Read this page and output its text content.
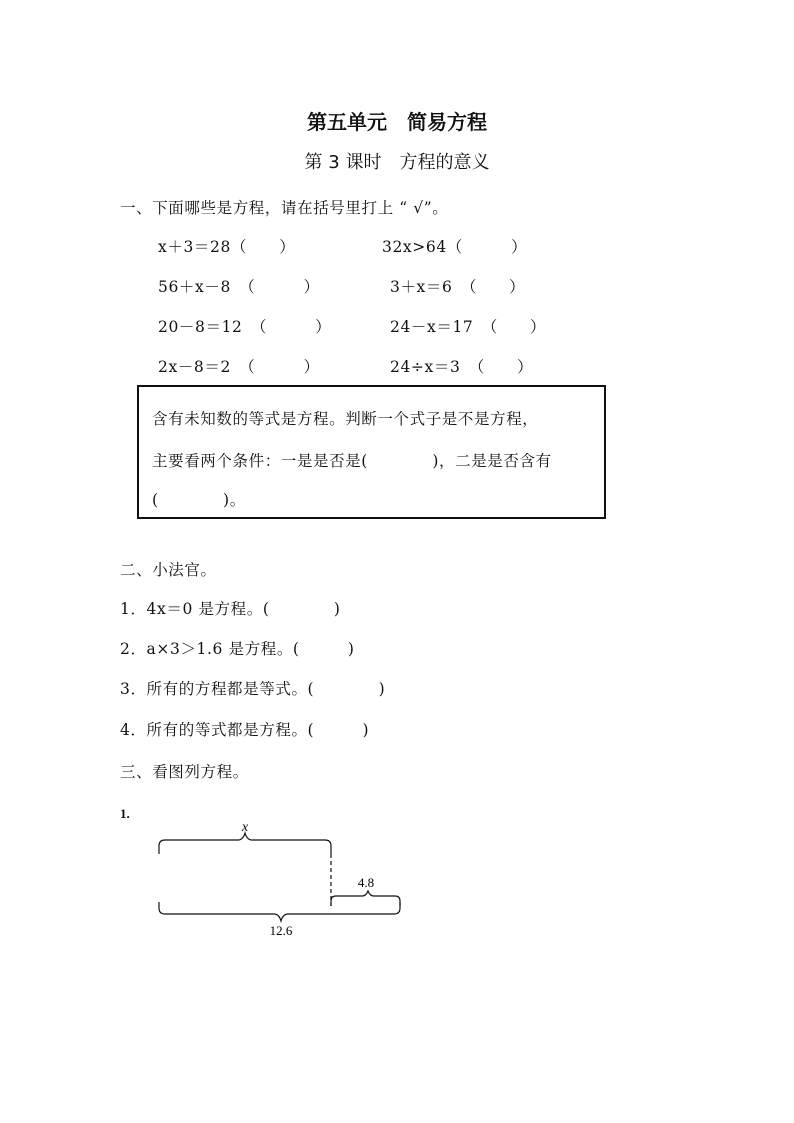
第五单元　简易方程
第 3 课时　方程的意义
一、下面哪些是方程，请在括号里打上 “ √”。
x＋3＝28（　　）	32x>64（　　　）
56＋x－8　（　　　）	3＋x＝6　（　　）
20－8＝12　（　　　）	24－x＝17　（　　）
2x－8＝2　（　　　）	24÷x＝3　（　　）
含有未知数的等式是方程。判断一个式子是不是方程，
主要看两个条件：一是是否是(　　　　)，二是是否含有
(　　　　)。
二、小法官。
1．4x＝0 是方程。(　　　　)
2．a×3＞1.6 是方程。(　　　)
3．所有的方程都是等式。(　　　　)
4．所有的等式都是方程。(　　　)
三、看图列方程。
1.
x
4.8
12.6
